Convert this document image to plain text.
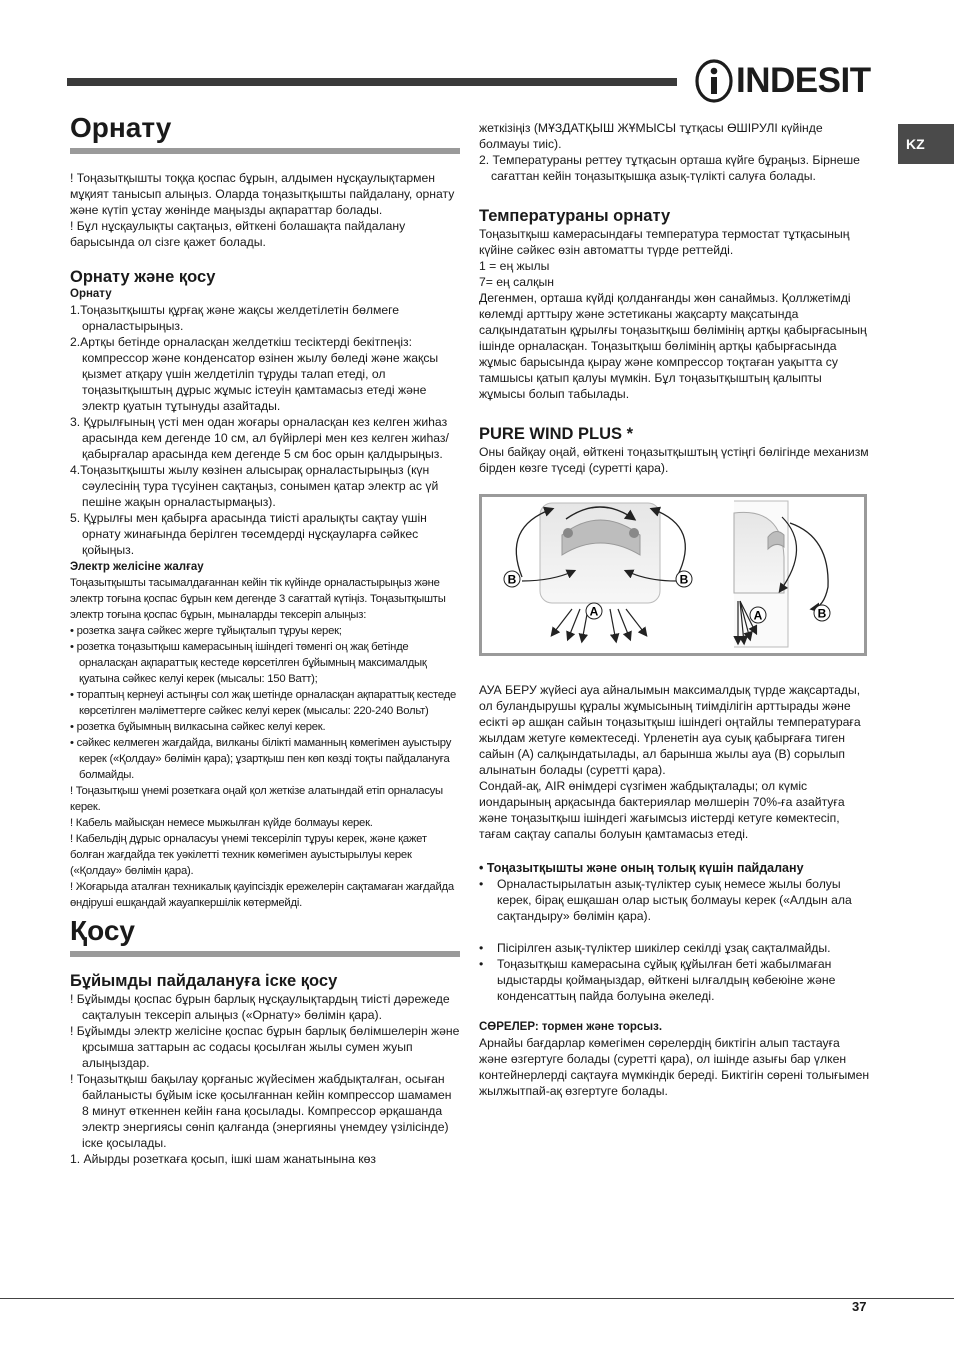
INDESIT
KZ
Орнату

! Тоңазытқышты тоққа қоспас бұрын, алдымен нұсқаулықтармен мұқият танысып алыңыз. Оларда тоңазытқышты пайдалану, орнату және күтіп ұстау жөнінде маңызды ақпараттар болады.

! Бұл нұсқаулықты сақтаңыз, өйткені болашақта пайдалану барысында ол сізге қажет болады.

Орнату және қосу
Орнату

1.Тоңазытқышты құрғақ және жақсы желдетілетін бөлмеге орналастырыңыз.

2.Артқы бетінде орналасқан желдеткіш тесіктерді бекітпеңіз: компрессор және конденсатор өзінен жылу бөледі және жақсы қызмет атқару үшін желдетіліп тұруды талап етеді, ол тоңазытқыштың дұрыс жұмыс істеуін қамтамасыз етеді және электр қуатын тұтынуды азайтады.

3. Құрылғының үсті мен одан жоғары орналасқан кез келген жиһаз арасында кем дегенде 10 см, ал бүйірлері мен кез келген жиһаз/қабырғалар арасында кем дегенде 5 см бос орын қалдырыңыз.

4.Тоңазытқышты жылу көзінен алысырақ орналастырыңыз (күн сәулесінің тура түсуінен сақтаңыз, сонымен қатар электр ас үй пешіне жақын орналастырмаңыз).

5. Құрылғы мен қабырға арасында тиісті аралықты сақтау үшін орнату жинағында берілген төсемдерді нұсқауларға сәйкес қойыңыз.

Электр желісіне жалғау

Тоңазытқышты тасымалдағаннан кейін тік күйінде орналастырыңыз және электр тоғына қоспас бұрын кем дегенде 3 сағаттай күтіңіз. Тоңазытқышты электр тоғына қоспас бұрын, мыналарды тексеріп алыңыз:

• розетка заңға сәйкес жерге тұйықталып тұруы керек;

• розетка тоңазытқыш камерасының ішіндегі төменгі оң жақ бетінде орналасқан ақпараттық кестеде көрсетілген бұйымның максималдық қуатына сәйкес келуі керек (мысалы: 150 Ватт);

• торaптың кернеуі астыңғы сол жақ шетінде орналасқан ақпараттық кестеде көрсетілген мәліметтерге сәйкес келуі керек (мысалы: 220-240 Вольт)

• розетка бұйымның вилкасына сәйкес келуі керек.

• сәйкес келмеген жағдайда, вилканы білікті маманның көмегімен ауыстыру керек («Қолдау» бөлімін қара); ұзартқыш пен көп көзді тоқты пайдалануға болмайды.

! Тоңазытқыш үнемі розеткаға оңай қол жеткізе алатындай етіп орналасуы керек.

! Кабель майысқан немесе мыжылған күйде болмауы керек.

! Кабельдің дұрыс орналасуы үнемі тексеріліп тұруы керек, және қажет болған жағдайда тек уәкілетті техник көмегімен ауыстырылуы керек («Қолдау» бөлімін қара).

! Жоғарыда аталған техникалық қауіпсіздік ережелерін сақтамаған жағдайда өндіруші ешқандай жауапкершілік көтермейді.

Қосу
Бұйымды пайдалануға іске қосу

! Бұйымды қоспас бұрын барлық нұсқаулықтардың тиісті дәрежеде сақталуын тексеріп алыңыз («Орнату» бөлімін қара).

! Бұйымды электр желісіне қоспас бұрын барлық бөлімшелерін және қрсымша заттарын ас содасы қосылған жылы сумен жуып алыңыздар.

! Тоңазытқыш бақылау қорғаныс жүйесімен жабдықталған, осыған байланысты бұйым іске қосылғаннан кейін компрессор шамамен 8 минут өткеннен кейін ғана қосылады. Компрессор әрқашанда электр энергиясы сөніп қалғанда (энергияны үнемдеу үзілісінде) іске қосылады.

1. Айырды розеткаға қосып, ішкі шам жанатынына көз

жеткізіңіз (МҰЗДАТҚЫШ ЖҰМЫСЫ тұтқасы ӨШІРУЛІ күйінде болмауы тиіс).

2. Температураны реттеу тұтқасын орташа күйге бұраңыз. Бірнеше сағаттан кейін тоңазытқышқа азық-түлікті салуға болады.

Температураны орнату

Тоңазытқыш камерасындағы температура термостат тұтқасының күйіне сәйкес өзін автоматты түрде реттейді.

1 = ең жылы

7= ең салқын

Дегенмен, орташа күйді қолданғанды жөн санаймыз. Қоллжетімді көлемді арттыру және эстетиканы жақсарту мақсатында салқындататын құрылғы тоңазытқыш бөлімінің артқы қабырғасының ішінде орналасқан. Тоңазытқыш бөлімінің артқы қабырғасында жұмыс барысында қырау және компрессор тоқтаған уақытта су тамшысы қатып қалуы мүмкін. Бұл тоңазытқыштың қалыпты жұмысы болып табылады.

PURE WIND PLUS *

Оны байқау оңай, өйткені тоңазытқыштың үстіңгі бөлігінде механизм бірден көзге түседі (суретті қара).

B	B
A	A	B

АУА БЕРУ жүйесі ауа айналымын максималдық түрде жақсартады, ол буландырушы құралы жұмысының тиімділігін арттырады және есікті әр ашқан сайын тоңазытқыш ішіндегі оңтайлы температураға жылдам жетуге көмектеседі. Үрленетін ауа суық қабырғаға тиген сайын (A) салқындатылады, ал барынша жылы ауа (B) сорылып алынатын болады (суретті қара).

Сондай-ақ, AIR өнімдері сүзгімен жабдықталады; ол күміс иондарының арқасында бактериялар мөлшерін 70%-ға азайтуға және тоңазытқыш ішіндегі жағымсыз иістерді кетуге көмектесіп, тағам сақтау сапалы болуын қамтамасыз етеді.

• Тоңазытқышты және оның толық күшін пайдалану

• Орналастырылатын азық-түліктер суық немесе жылы болуы керек, бірақ ешқашан олар ыстық болмауы керек («Алдын ала сақтандыру» бөлімін қара).

• Пісірілген азық-түліктер шикілер секілді ұзақ сақталмайды.

• Тоңазытқыш камерасына сұйық құйылған беті жабылмаған ыдыстарды қоймаңыздар, өйткені ылғалдың көбеюіне және конденсаттың пайда болуына әкеледі.

СӨРЕЛЕР: тормен және торсыз.

Арнайы бағдарлар көмегімен сөрелердің биктігін алып тастауға және өзгертуге болады (суретті қара), ол ішінде азығы бар үлкен контейнерлерді сақтауға мүмкіндік береді. Биктігін сөрені толығымен жылжытпай-ақ өзгертуге болады.

37
